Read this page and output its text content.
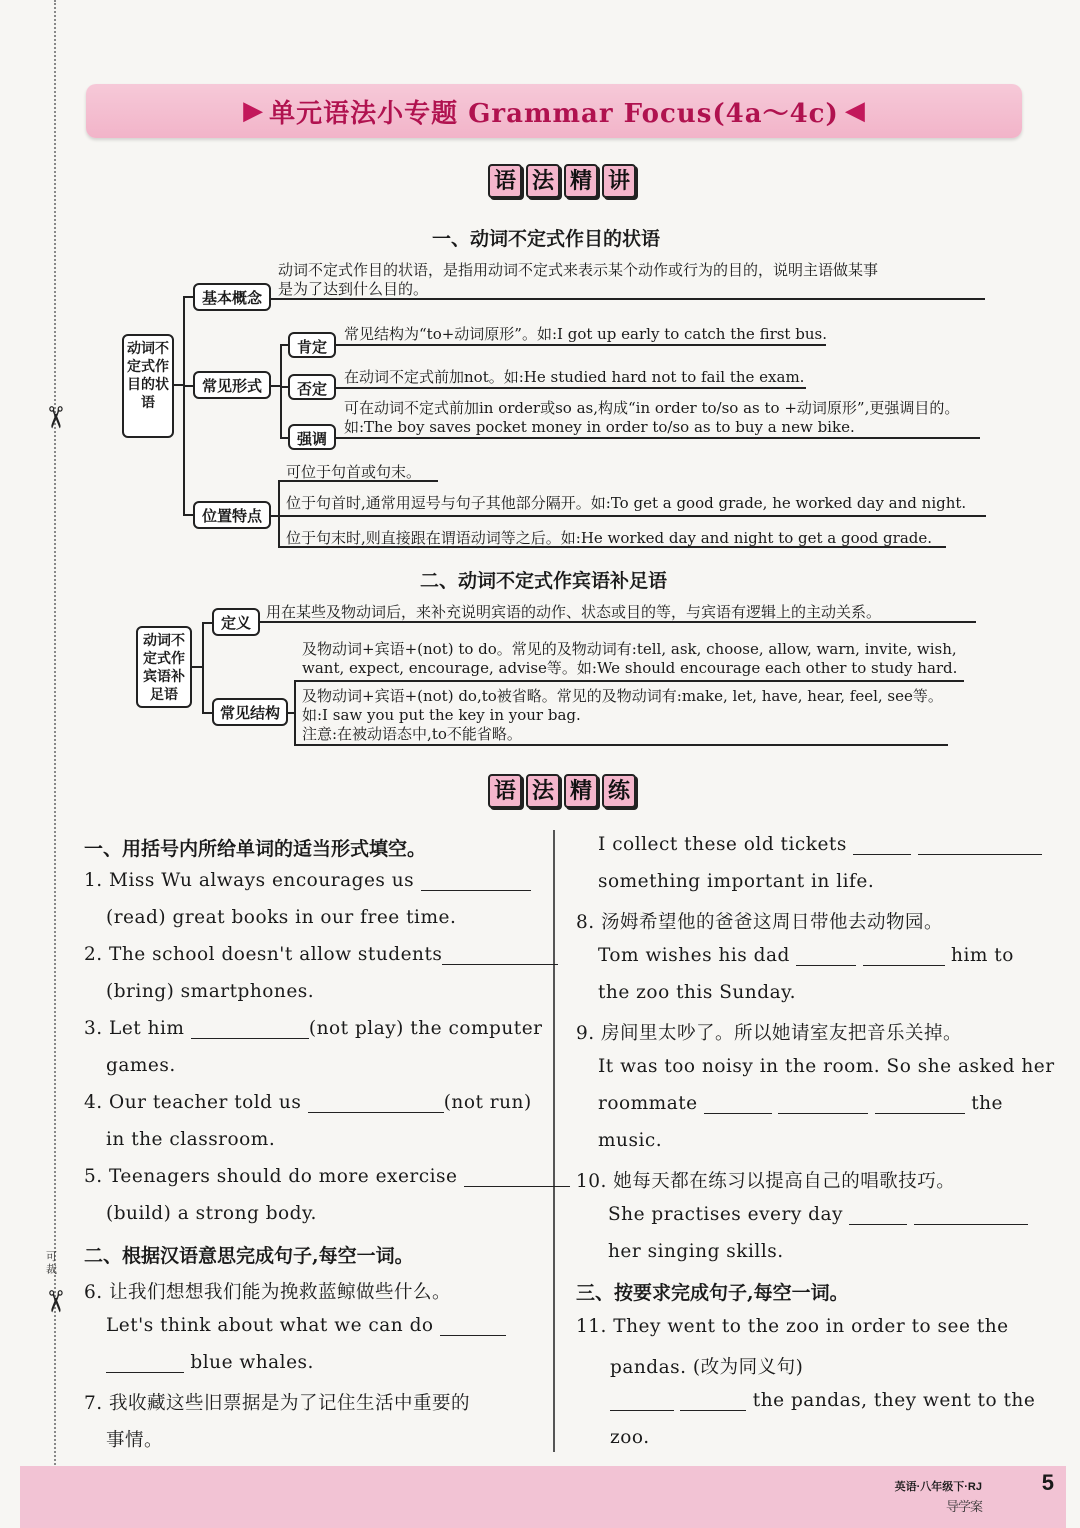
✂
可 裁
✂
▶ 单元语法小专题 Grammar Focus(4a～4c) ◀
语 法 精 讲
一、动词不定式作目的状语
动词不定式作目的状语
基本概念
动词不定式作目的状语，是指用动词不定式来表示某个动作或行为的目的，说明主语做某事
是为了达到什么目的。
常见形式
肯定
常见结构为“to+动词原形”。如:I got up early to catch the first bus.
否定
在动词不定式前加not。如:He studied hard not to fail the exam.
强调
可在动词不定式前加in order或so as,构成“in order to/so as to +动词原形”,更强调目的。
如:The boy saves pocket money in order to/so as to buy a new bike.
位置特点
可位于句首或句末。
位于句首时,通常用逗号与句子其他部分隔开。如:To get a good grade, he worked day and night.
位于句末时,则直接跟在谓语动词等之后。如:He worked day and night to get a good grade.
二、动词不定式作宾语补足语
动词不定式作宾语补足语
定义
用在某些及物动词后，来补充说明宾语的动作、状态或目的等，与宾语有逻辑上的主动关系。
常见结构
及物动词+宾语+(not) to do。常见的及物动词有:tell, ask, choose, allow, warn, invite, wish,
want, expect, encourage, advise等。如:We should encourage each other to study hard.
及物动词+宾语+(not) do,to被省略。常见的及物动词有:make, let, have, hear, feel, see等。
如:I saw you put the key in your bag.
注意:在被动语态中,to不能省略。
语 法 精 练
一、用括号内所给单词的适当形式填空。
1. Miss Wu always encourages us
(read) great books in our free time.
2. The school doesn't allow students
(bring) smartphones.
3. Let him	(not play) the computer
games.
4. Our teacher told us	(not run)
in the classroom.
5. Teenagers should do more exercise
(build) a strong body.
二、根据汉语意思完成句子,每空一词。
6. 让我们想想我们能为挽救蓝鲸做些什么。
Let's think about what we can do
blue whales.
7. 我收藏这些旧票据是为了记住生活中重要的
事情。
I collect these old tickets
something important in life.
8. 汤姆希望他的爸爸这周日带他去动物园。
Tom wishes his dad	him to
the zoo this Sunday.
9. 房间里太吵了。所以她请室友把音乐关掉。
It was too noisy in the room. So she asked her
roommate	the
music.
10. 她每天都在练习以提高自己的唱歌技巧。
She practises every day
her singing skills.
三、按要求完成句子,每空一词。
11. They went to the zoo in order to see the
pandas. (改为同义句)
the pandas, they went to the
zoo.
英语·八年级下·RJ
导学案
5
